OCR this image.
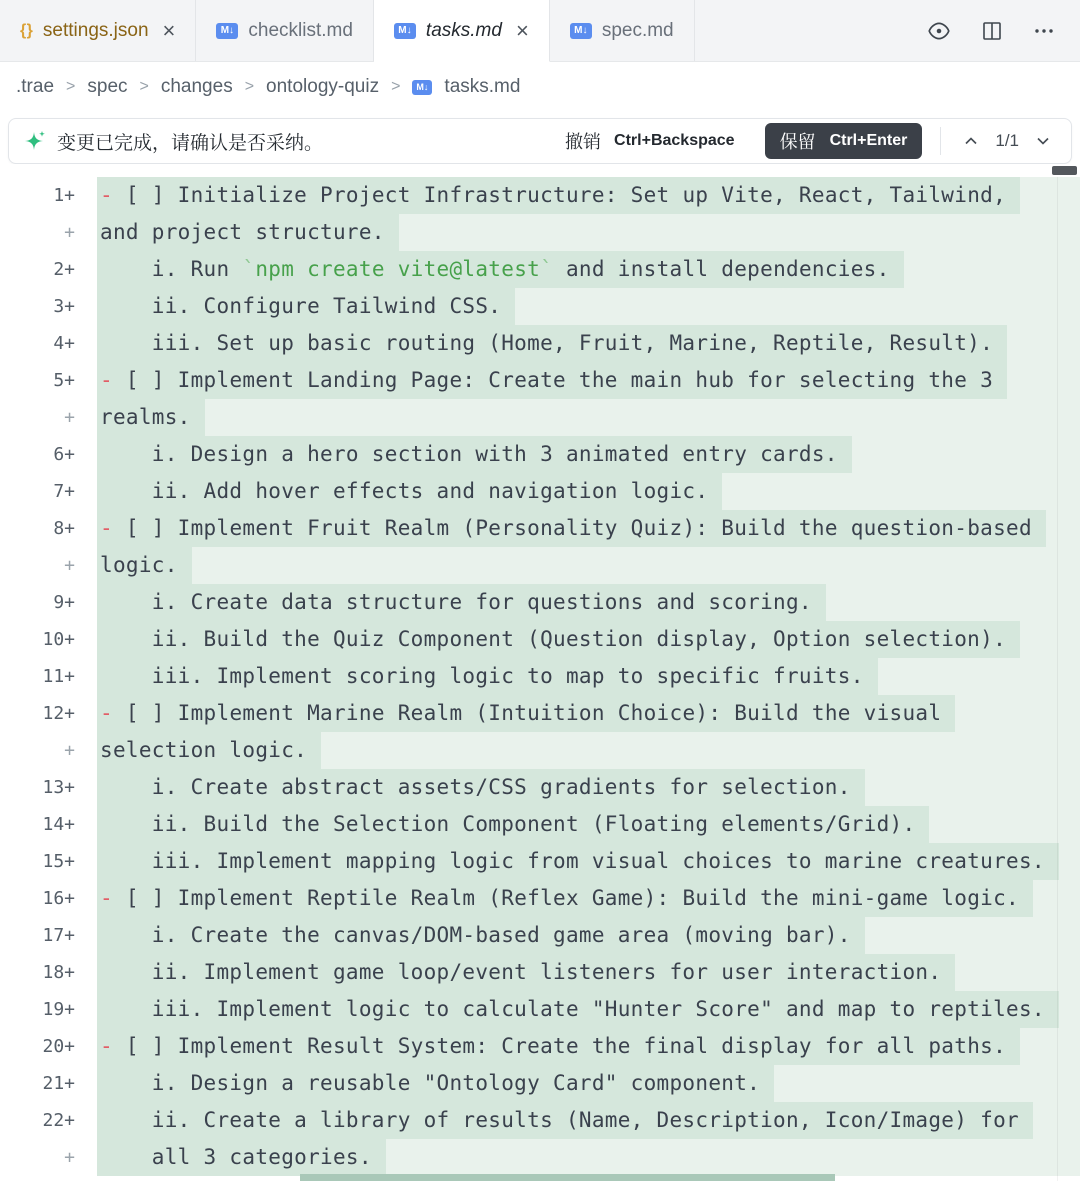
{ } settings.json ×	M↓ checklist.md	M↓ tasks.md ×	M↓ spec.md
.trae > spec > changes > ontology-quiz >	M↓ tasks.md
变更已完成，请确认是否采纳。	撤销 Ctrl+Backspace	保留 Ctrl+Enter	1/1
1+	- [ ] Initialize Project Infrastructure: Set up Vite, React, Tailwind,
+	and project structure.
2+	i. Run `npm create vite@latest` and install dependencies.
3+	ii. Configure Tailwind CSS.
4+	iii. Set up basic routing (Home, Fruit, Marine, Reptile, Result).
5+	- [ ] Implement Landing Page: Create the main hub for selecting the 3
+	realms.
6+	i. Design a hero section with 3 animated entry cards.
7+	ii. Add hover effects and navigation logic.
8+	- [ ] Implement Fruit Realm (Personality Quiz): Build the question-based
+	logic.
9+	i. Create data structure for questions and scoring.
10+	ii. Build the Quiz Component (Question display, Option selection).
11+	iii. Implement scoring logic to map to specific fruits.
12+	- [ ] Implement Marine Realm (Intuition Choice): Build the visual
+	selection logic.
13+	i. Create abstract assets/CSS gradients for selection.
14+	ii. Build the Selection Component (Floating elements/Grid).
15+	iii. Implement mapping logic from visual choices to marine creatures.
16+	- [ ] Implement Reptile Realm (Reflex Game): Build the mini-game logic.
17+	i. Create the canvas/DOM-based game area (moving bar).
18+	ii. Implement game loop/event listeners for user interaction.
19+	iii. Implement logic to calculate "Hunter Score" and map to reptiles.
20+	- [ ] Implement Result System: Create the final display for all paths.
21+	i. Design a reusable "Ontology Card" component.
22+	ii. Create a library of results (Name, Description, Icon/Image) for
+	all 3 categories.
